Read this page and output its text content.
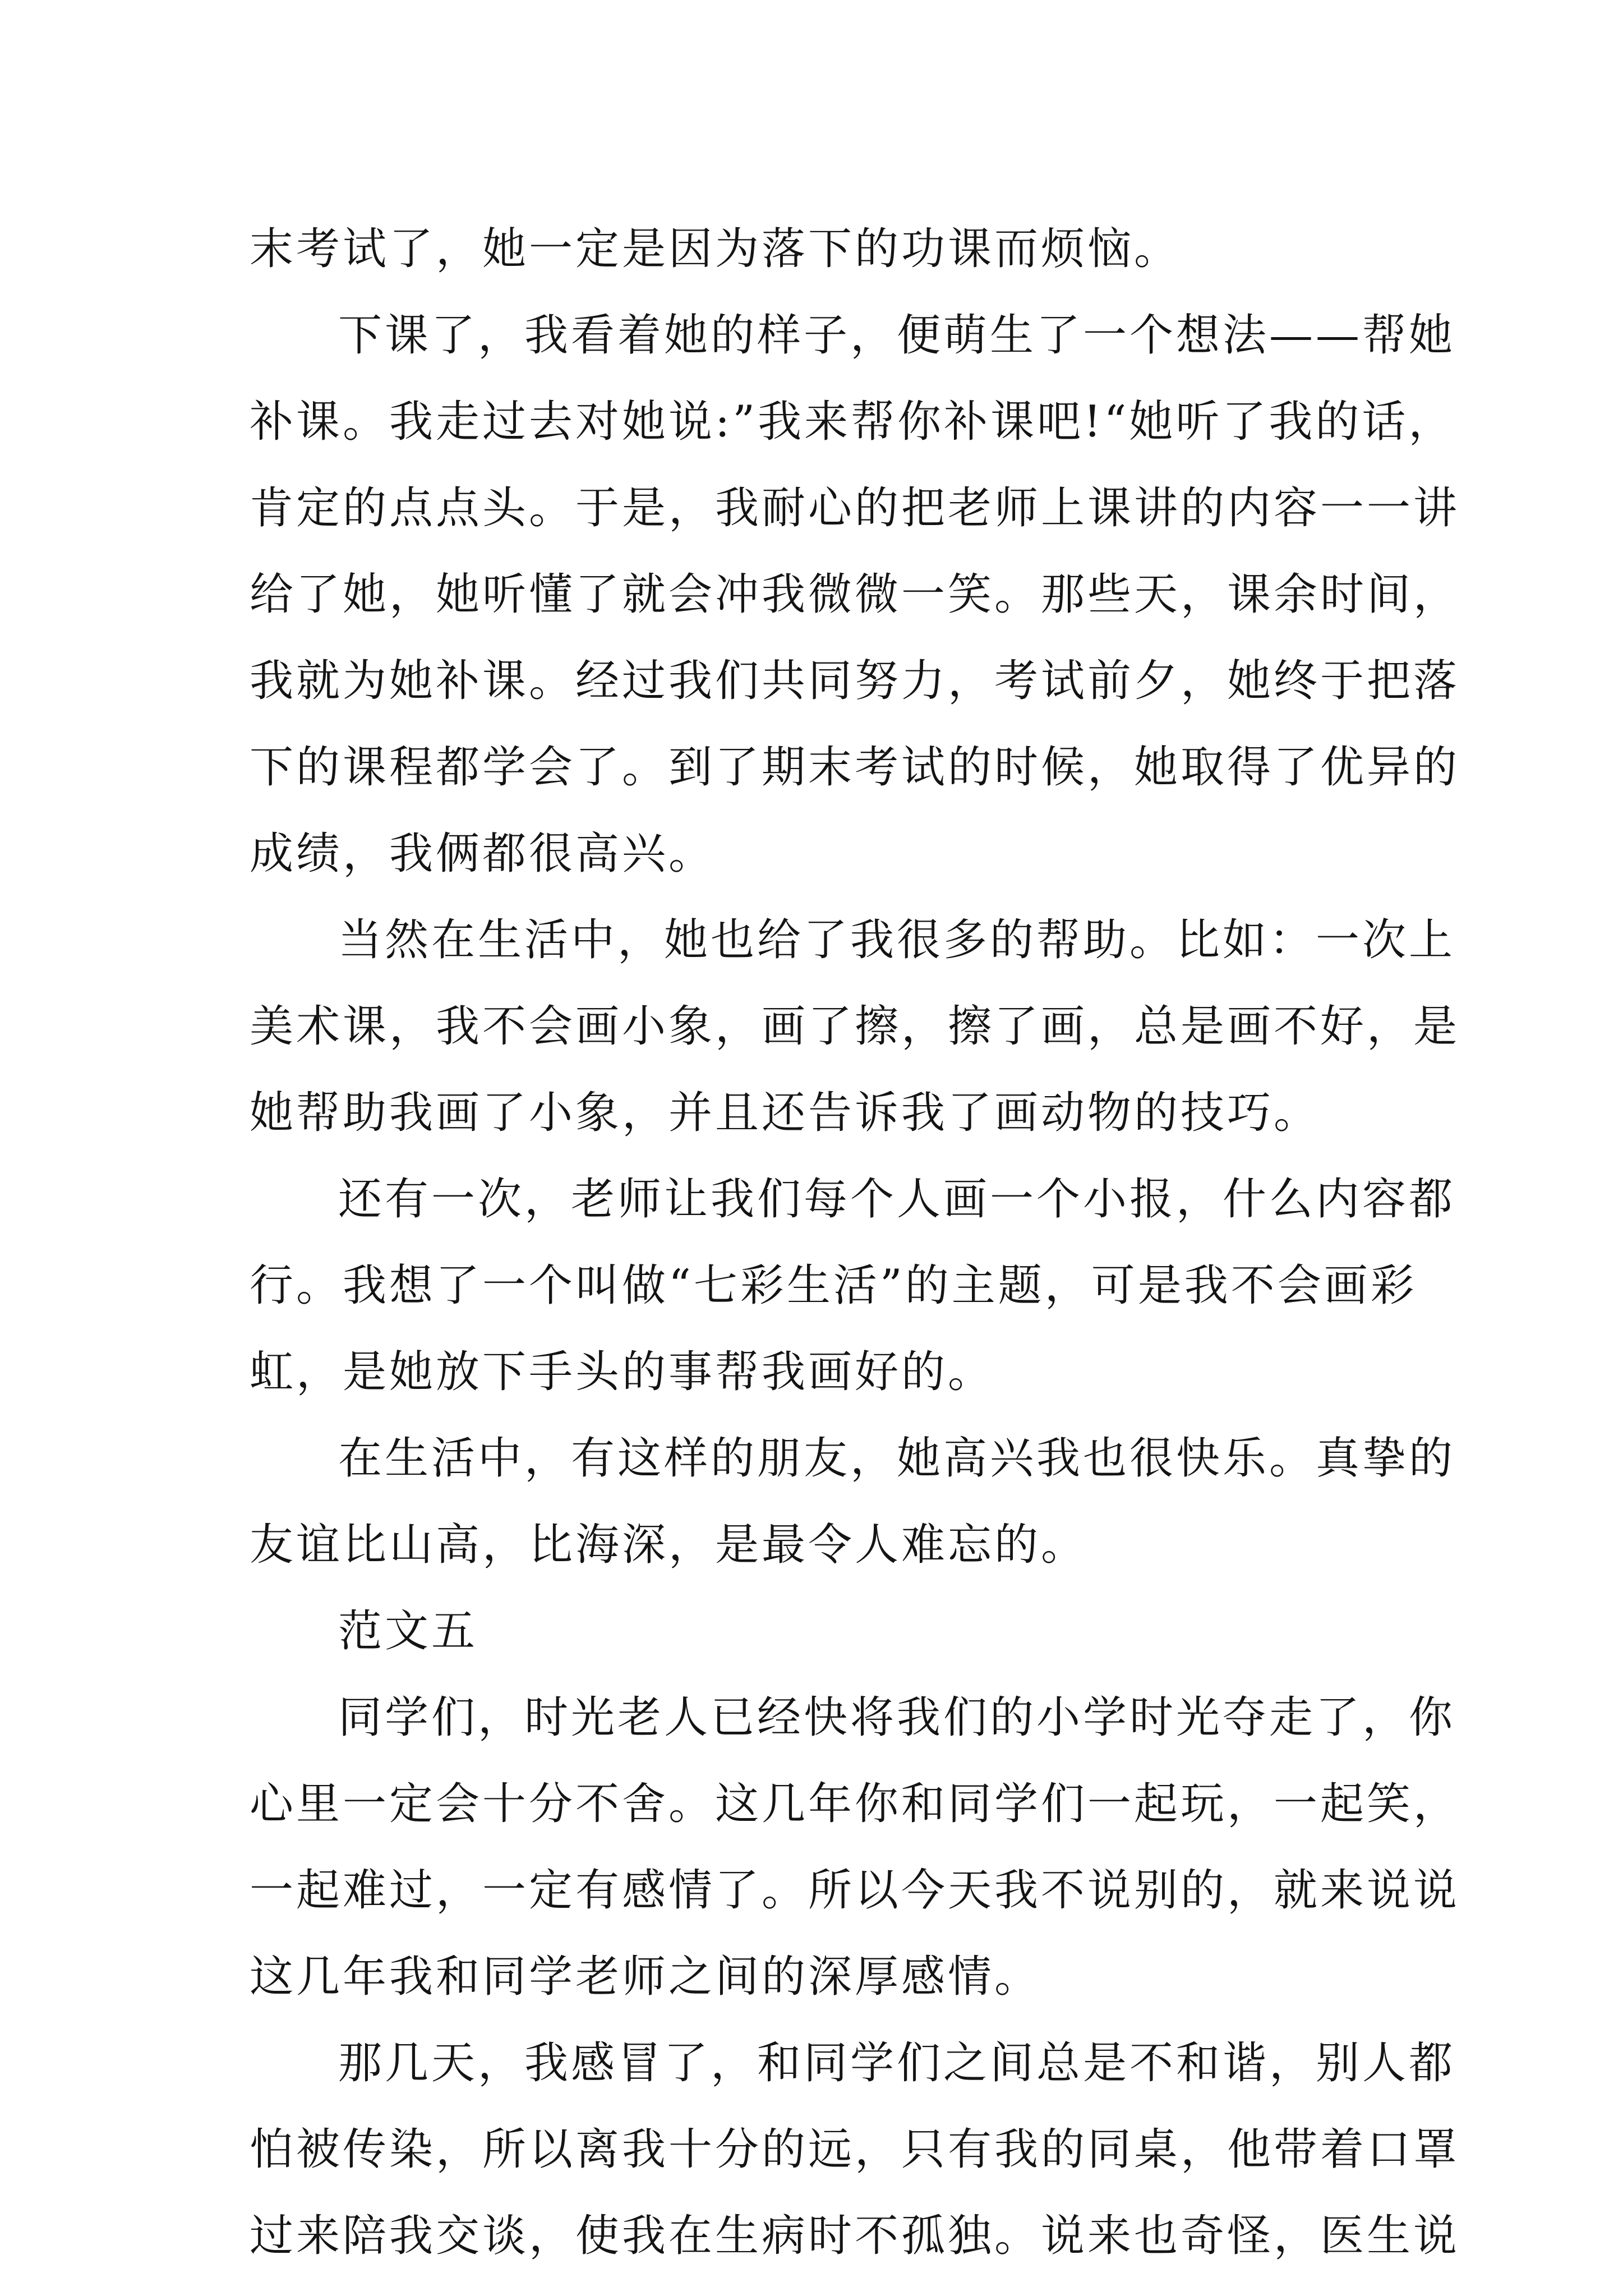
末考试了，她一定是因为落下的功课而烦恼。
下课了，我看着她的样子，便萌生了一个想法——帮她
补课。我走过去对她说:”我来帮你补课吧!“她听了我的话，
肯定的点点头。于是，我耐心的把老师上课讲的内容一一讲
给了她，她听懂了就会冲我微微一笑。那些天，课余时间，
我就为她补课。经过我们共同努力，考试前夕，她终于把落
下的课程都学会了。到了期末考试的时候，她取得了优异的
成绩，我俩都很高兴。
当然在生活中，她也给了我很多的帮助。比如：一次上
美术课，我不会画小象，画了擦，擦了画，总是画不好，是
她帮助我画了小象，并且还告诉我了画动物的技巧。
还有一次，老师让我们每个人画一个小报，什么内容都
行。我想了一个叫做“七彩生活”的主题，可是我不会画彩
虹，是她放下手头的事帮我画好的。
在生活中，有这样的朋友，她高兴我也很快乐。真挚的
友谊比山高，比海深，是最令人难忘的。
范文五
同学们，时光老人已经快将我们的小学时光夺走了，你
心里一定会十分不舍。这几年你和同学们一起玩，一起笑，
一起难过，一定有感情了。所以今天我不说别的，就来说说
这几年我和同学老师之间的深厚感情。
那几天，我感冒了，和同学们之间总是不和谐，别人都
怕被传染，所以离我十分的远，只有我的同桌，他带着口罩
过来陪我交谈，使我在生病时不孤独。说来也奇怪，医生说
